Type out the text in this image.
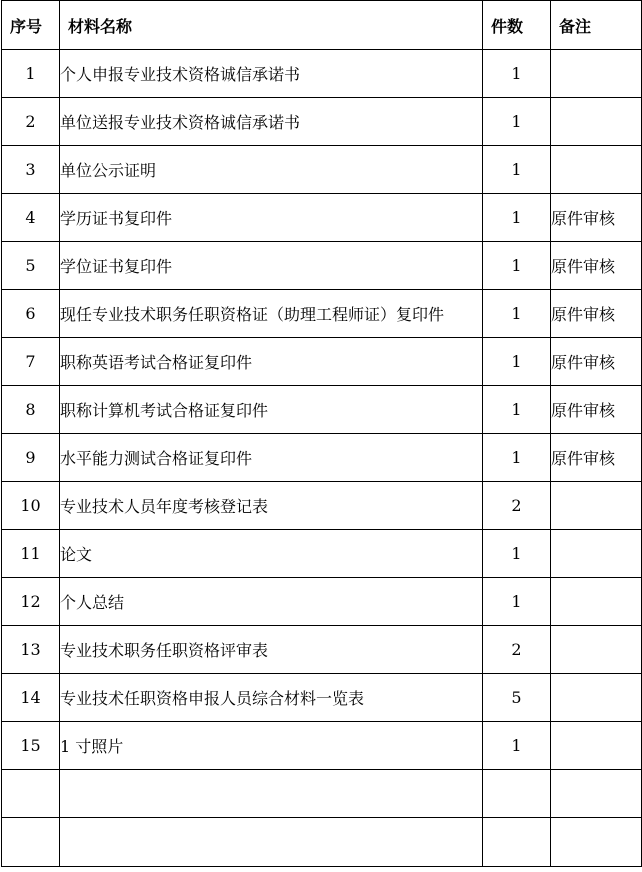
序号	材料名称	件数	备注
1	个人申报专业技术资格诚信承诺书	1	
2	单位送报专业技术资格诚信承诺书	1	
3	单位公示证明	1	
4	学历证书复印件	1	原件审核
5	学位证书复印件	1	原件审核
6	现任专业技术职务任职资格证（助理工程师证）复印件	1	原件审核
7	职称英语考试合格证复印件	1	原件审核
8	职称计算机考试合格证复印件	1	原件审核
9	水平能力测试合格证复印件	1	原件审核
10	专业技术人员年度考核登记表	2	
11	论文	1	
12	个人总结	1	
13	专业技术职务任职资格评审表	2	
14	专业技术任职资格申报人员综合材料一览表	5	
15	1 寸照片	1	
